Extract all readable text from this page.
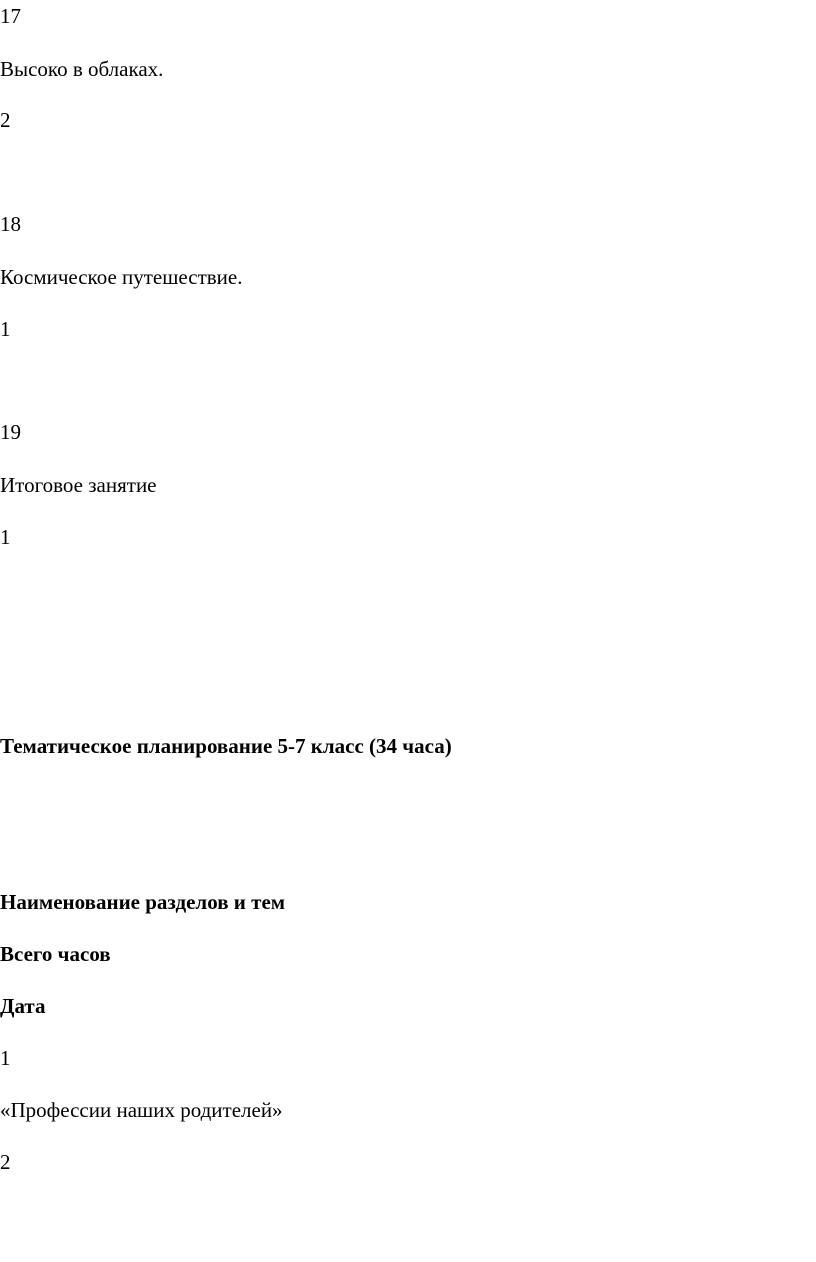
17
Высоко в облаках.
2
18
Космическое путешествие.
1
19
Итоговое занятие
1
Тематическое планирование 5-7 класс (34 часа)
Наименование разделов и тем
Всего часов
Дата
1
«Профессии наших родителей»
2
